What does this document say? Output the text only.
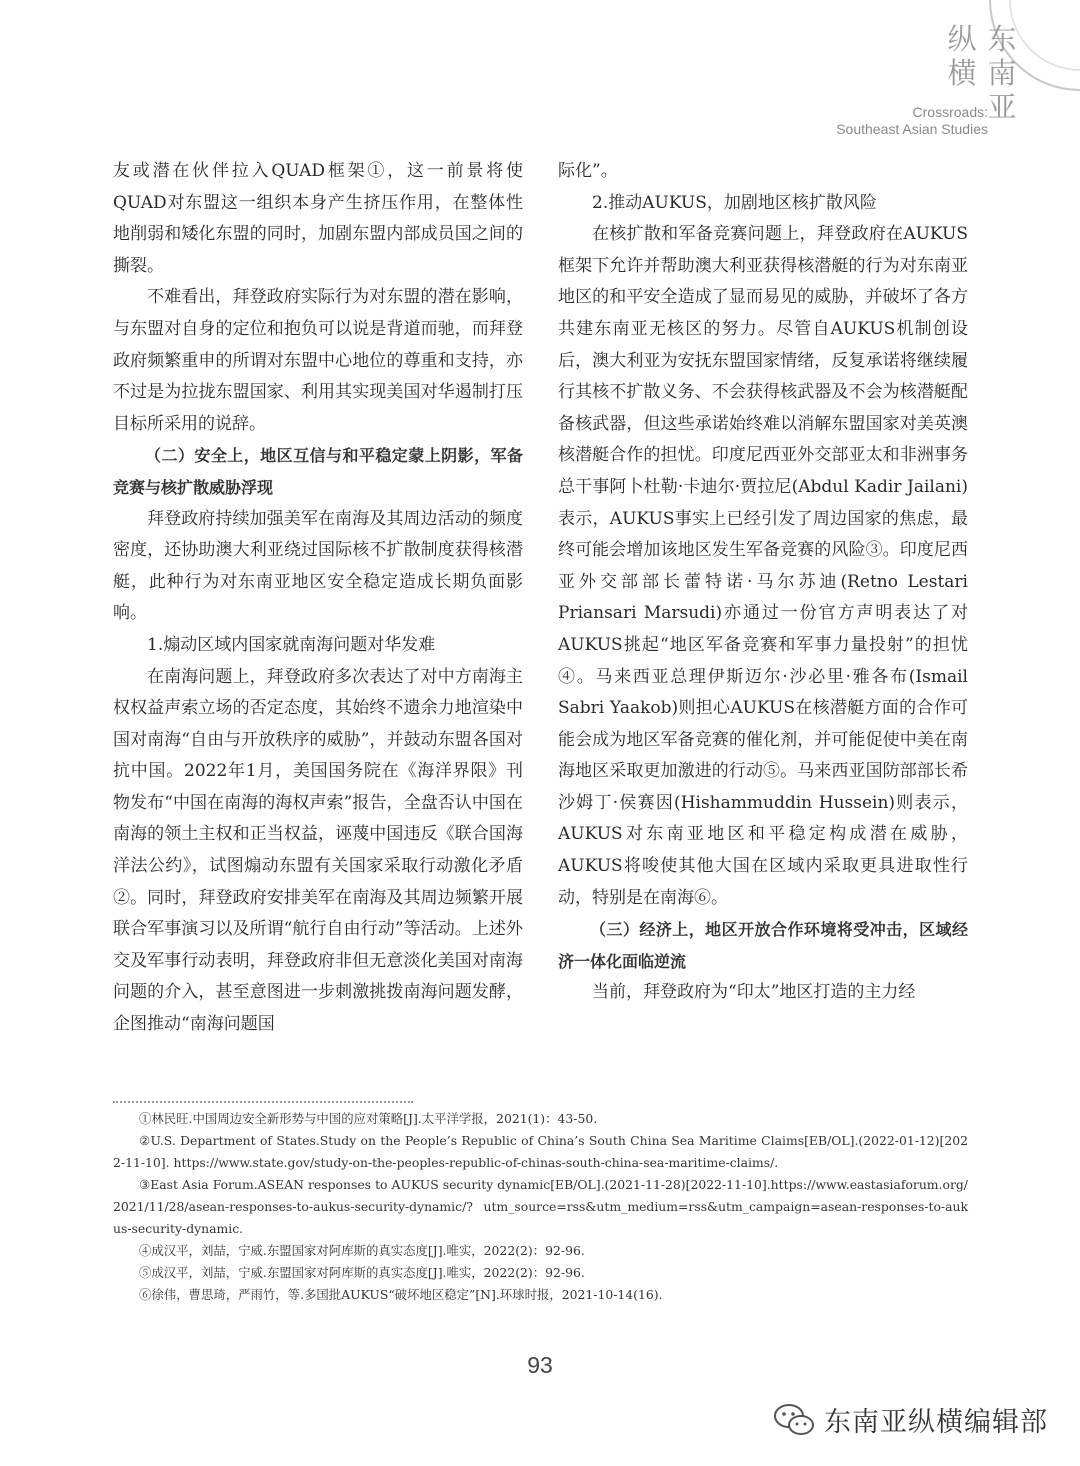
纵横
东南亚
Crossroads:
Southeast Asian Studies

友或潜在伙伴拉入QUAD框架①，这一前景将使QUAD对东盟这一组织本身产生挤压作用，在整体性地削弱和矮化东盟的同时，加剧东盟内部成员国之间的撕裂。

不难看出，拜登政府实际行为对东盟的潜在影响，与东盟对自身的定位和抱负可以说是背道而驰，而拜登政府频繁重申的所谓对东盟中心地位的尊重和支持，亦不过是为拉拢东盟国家、利用其实现美国对华遏制打压目标所采用的说辞。

（二）安全上，地区互信与和平稳定蒙上阴影，军备竞赛与核扩散威胁浮现

拜登政府持续加强美军在南海及其周边活动的频度密度，还协助澳大利亚绕过国际核不扩散制度获得核潜艇，此种行为对东南亚地区安全稳定造成长期负面影响。

1.煽动区域内国家就南海问题对华发难

在南海问题上，拜登政府多次表达了对中方南海主权权益声索立场的否定态度，其始终不遗余力地渲染中国对南海“自由与开放秩序的威胁”，并鼓动东盟各国对抗中国。2022年1月，美国国务院在《海洋界限》刊物发布“中国在南海的海权声索”报告，全盘否认中国在南海的领土主权和正当权益，诬蔑中国违反《联合国海洋法公约》，试图煽动东盟有关国家采取行动激化矛盾②。同时，拜登政府安排美军在南海及其周边频繁开展联合军事演习以及所谓“航行自由行动”等活动。上述外交及军事行动表明，拜登政府非但无意淡化美国对南海问题的介入，甚至意图进一步刺激挑拨南海问题发酵，企图推动“南海问题国

际化”。

2.推动AUKUS，加剧地区核扩散风险

在核扩散和军备竞赛问题上，拜登政府在AUKUS框架下允许并帮助澳大利亚获得核潜艇的行为对东南亚地区的和平安全造成了显而易见的威胁，并破坏了各方共建东南亚无核区的努力。尽管自AUKUS机制创设后，澳大利亚为安抚东盟国家情绪，反复承诺将继续履行其核不扩散义务、不会获得核武器及不会为核潜艇配备核武器，但这些承诺始终难以消解东盟国家对美英澳核潜艇合作的担忧。印度尼西亚外交部亚太和非洲事务总干事阿卜杜勒·卡迪尔·贾拉尼(Abdul Kadir Jailani)表示，AUKUS事实上已经引发了周边国家的焦虑，最终可能会增加该地区发生军备竞赛的风险③。印度尼西亚外交部部长蕾特诺·马尔苏迪(Retno Lestari Priansari Marsudi)亦通过一份官方声明表达了对AUKUS挑起“地区军备竞赛和军事力量投射”的担忧④。马来西亚总理伊斯迈尔·沙必里·雅各布(Ismail Sabri Yaakob)则担心AUKUS在核潜艇方面的合作可能会成为地区军备竞赛的催化剂，并可能促使中美在南海地区采取更加激进的行动⑤。马来西亚国防部部长希沙姆丁·侯赛因(Hishammuddin Hussein)则表示，AUKUS对东南亚地区和平稳定构成潜在威胁，AUKUS将唆使其他大国在区域内采取更具进取性行动，特别是在南海⑥。

（三）经济上，地区开放合作环境将受冲击，区域经济一体化面临逆流

当前，拜登政府为“印太”地区打造的主力经

①林民旺.中国周边安全新形势与中国的应对策略[J].太平洋学报，2021(1)：43-50.

②U.S. Department of States.Study on the People’s Republic of China’s South China Sea Maritime Claims[EB/OL].(2022-01-12)[2022-11-10]. https://www.state.gov/study-on-the-peoples-republic-of-chinas-south-china-sea-maritime-claims/.

③East Asia Forum.ASEAN responses to AUKUS security dynamic[EB/OL].(2021-11-28)[2022-11-10].https://www.eastasiaforum.org/2021/11/28/asean-responses-to-aukus-security-dynamic/? utm_source=rss&utm_medium=rss&utm_campaign=asean-responses-to-aukus-security-dynamic.

④成汉平，刘喆，宁威.东盟国家对阿库斯的真实态度[J].唯实，2022(2)：92-96.

⑤成汉平，刘喆，宁威.东盟国家对阿库斯的真实态度[J].唯实，2022(2)：92-96.

⑥徐伟，曹思琦，严雨竹，等.多国批AUKUS“破坏地区稳定”[N].环球时报，2021-10-14(16).

93
东南亚纵横编辑部
